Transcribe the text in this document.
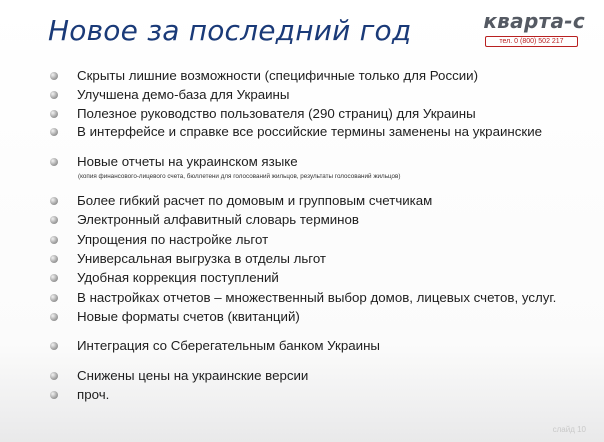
Новое за последний год	кварта-с
тел. 0 (800) 502 217
Скрыты лишние возможности (специфичные только для России)
Улучшена демо-база для Украины
Полезное руководство пользователя (290 страниц) для Украины
В интерфейсе и справке все российские термины заменены на украинские
Новые отчеты на украинском языке
(копия финансового-лицевого счета, бюллетени для голосований жильцов, результаты голосований жильцов)
Более гибкий расчет по домовым и групповым счетчикам
Электронный алфавитный словарь терминов
Упрощения по настройке льгот
Универсальная выгрузка в отделы льгот
Удобная коррекция поступлений
В настройках отчетов – множественный выбор домов, лицевых счетов, услуг.
Новые форматы счетов (квитанций)
Интеграция со Сберегательным банком Украины
Снижены цены на украинские версии
проч.
слайд 10
